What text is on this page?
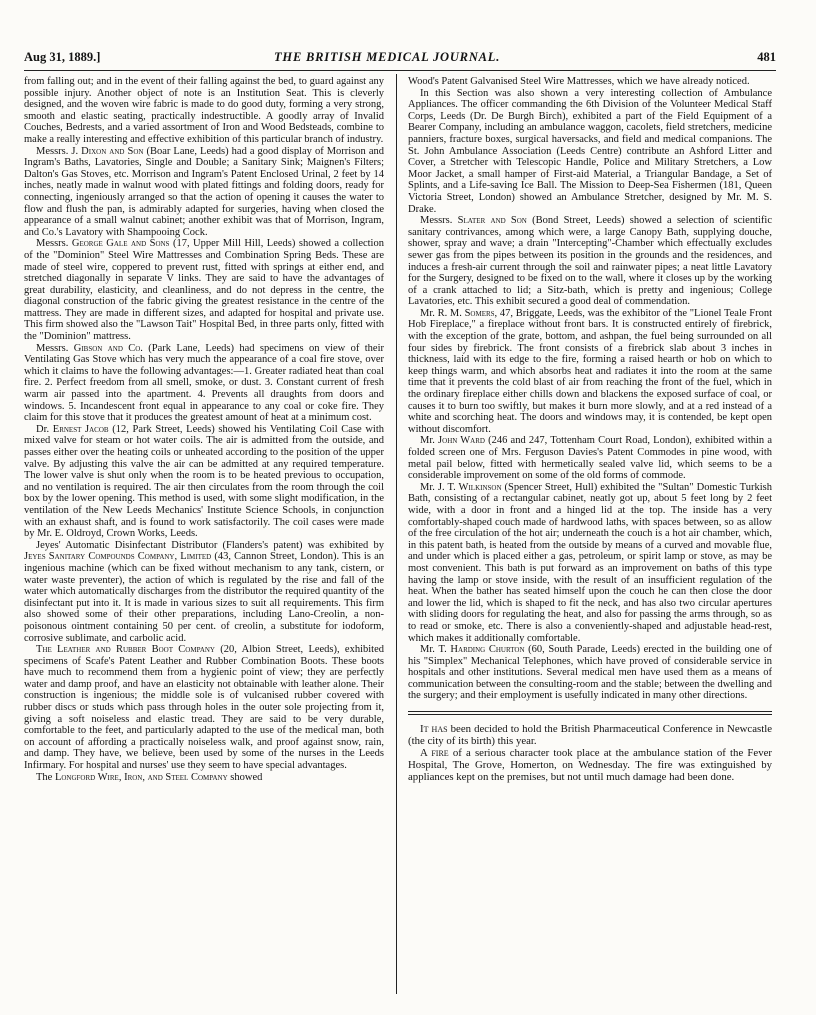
Aug 31, 1889.]	THE BRITISH MEDICAL JOURNAL.	481

from falling out; and in the event of their falling against the bed, to guard against any possible injury. Another object of note is an Institution Seat. This is cleverly designed, and the woven wire fabric is made to do good duty, forming a very strong, smooth and elastic seating, practically indestructible. A goodly array of Invalid Couches, Bedrests, and a varied assortment of Iron and Wood Bedsteads, combine to make a really interesting and effective exhibition of this particular branch of industry.

Messrs. J. Dixon and Son (Boar Lane, Leeds) had a good display of Morrison and Ingram's Baths, Lavatories, Single and Double; a Sanitary Sink; Maignen's Filters; Dalton's Gas Stoves, etc. Morrison and Ingram's Patent Enclosed Urinal, 2 feet by 14 inches, neatly made in walnut wood with plated fittings and folding doors, ready for connecting, ingeniously arranged so that the action of opening it causes the water to flow and flush the pan, is admirably adapted for surgeries, having when closed the appearance of a small walnut cabinet; another exhibit was that of Morrison, Ingram, and Co.'s Lavatory with Shampooing Cock.

Messrs. George Gale and Sons (17, Upper Mill Hill, Leeds) showed a collection of the "Dominion" Steel Wire Mattresses and Combination Spring Beds. These are made of steel wire, coppered to prevent rust, fitted with springs at either end, and stretched diagonally in separate V links. They are said to have the advantages of great durability, elasticity, and cleanliness, and do not depress in the centre, the diagonal construction of the fabric giving the greatest resistance in the centre of the mattress. They are made in different sizes, and adapted for hospital and private use. This firm showed also the "Lawson Tait" Hospital Bed, in three parts only, fitted with the "Dominion" mattress.

Messrs. Gibson and Co. (Park Lane, Leeds) had specimens on view of their Ventilating Gas Stove which has very much the appearance of a coal fire stove, over which it claims to have the following advantages:—1. Greater radiated heat than coal fire. 2. Perfect freedom from all smell, smoke, or dust. 3. Constant current of fresh warm air passed into the apartment. 4. Prevents all draughts from doors and windows. 5. Incandescent front equal in appearance to any coal or coke fire. They claim for this stove that it produces the greatest amount of heat at a minimum cost.

Dr. Ernest Jacob (12, Park Street, Leeds) showed his Ventilating Coil Case with mixed valve for steam or hot water coils. The air is admitted from the outside, and passes either over the heating coils or unheated according to the position of the upper valve. By adjusting this valve the air can be admitted at any required temperature. The lower valve is shut only when the room is to be heated previous to occupation, and no ventilation is required. The air then circulates from the room through the coil box by the lower opening. This method is used, with some slight modification, in the ventilation of the New Leeds Mechanics' Institute Science Schools, in conjunction with an exhaust shaft, and is found to work satisfactorily. The coil cases were made by Mr. E. Oldroyd, Crown Works, Leeds.

Jeyes' Automatic Disinfectant Distributor (Flanders's patent) was exhibited by Jeyes Sanitary Compounds Company, Limited (43, Cannon Street, London). This is an ingenious machine (which can be fixed without mechanism to any tank, cistern, or water waste preventer), the action of which is regulated by the rise and fall of the water which automatically discharges from the distributor the required quantity of the disinfectant put into it. It is made in various sizes to suit all requirements. This firm also showed some of their other preparations, including Lano-Creolin, a non-poisonous ointment containing 50 per cent. of creolin, a substitute for iodoform, corrosive sublimate, and carbolic acid.

The Leather and Rubber Boot Company (20, Albion Street, Leeds), exhibited specimens of Scafe's Patent Leather and Rubber Combination Boots. These boots have much to recommend them from a hygienic point of view; they are perfectly water and damp proof, and have an elasticity not obtainable with leather alone. Their construction is ingenious; the middle sole is of vulcanised rubber covered with rubber discs or studs which pass through holes in the outer sole projecting from it, giving a soft noiseless and elastic tread. They are said to be very durable, comfortable to the feet, and particularly adapted to the use of the medical man, both on account of affording a practically noiseless walk, and proof against snow, rain, and damp. They have, we believe, been used by some of the nurses in the Leeds Infirmary. For hospital and nurses' use they seem to have special advantages.

The Longford Wire, Iron, and Steel Company showed

Wood's Patent Galvanised Steel Wire Mattresses, which we have already noticed.

In this Section was also shown a very interesting collection of Ambulance Appliances. The officer commanding the 6th Division of the Volunteer Medical Staff Corps, Leeds (Dr. De Burgh Birch), exhibited a part of the Field Equipment of a Bearer Company, including an ambulance waggon, cacolets, field stretchers, medicine panniers, fracture boxes, surgical haversacks, and field and medical companions. The St. John Ambulance Association (Leeds Centre) contribute an Ashford Litter and Cover, a Stretcher with Telescopic Handle, Police and Military Stretchers, a Low Moor Jacket, a small hamper of First-aid Material, a Triangular Bandage, a Set of Splints, and a Life-saving Ice Ball. The Mission to Deep-Sea Fishermen (181, Queen Victoria Street, London) showed an Ambulance Stretcher, designed by Mr. M. S. Drake.

Messrs. Slater and Son (Bond Street, Leeds) showed a selection of scientific sanitary contrivances, among which were, a large Canopy Bath, supplying douche, shower, spray and wave; a drain "Intercepting"-Chamber which effectually excludes sewer gas from the pipes between its position in the grounds and the residences, and induces a fresh-air current through the soil and rainwater pipes; a neat little Lavatory for the Surgery, designed to be fixed on to the wall, where it closes up by the working of a crank attached to lid; a Sitz-bath, which is pretty and ingenious; College Lavatories, etc. This exhibit secured a good deal of commendation.

Mr. R. M. Somers, 47, Briggate, Leeds, was the exhibitor of the "Lionel Teale Front Hob Fireplace," a fireplace without front bars. It is constructed entirely of firebrick, with the exception of the grate, bottom, and ashpan, the fuel being surrounded on all four sides by firebrick. The front consists of a firebrick slab about 3 inches in thickness, laid with its edge to the fire, forming a raised hearth or hob on which to keep things warm, and which absorbs heat and radiates it into the room at the same time that it prevents the cold blast of air from reaching the front of the fuel, which in the ordinary fireplace either chills down and blackens the exposed surface of coal, or causes it to burn too swiftly, but makes it burn more slowly, and at a red instead of a white and scorching heat. The doors and windows may, it is contended, be kept open without discomfort.

Mr. John Ward (246 and 247, Tottenham Court Road, London), exhibited within a folded screen one of Mrs. Ferguson Davies's Patent Commodes in pine wood, with metal pail below, fitted with hermetically sealed valve lid, which seems to be a considerable improvement on some of the old forms of commode.

Mr. J. T. Wilkinson (Spencer Street, Hull) exhibited the "Sultan" Domestic Turkish Bath, consisting of a rectangular cabinet, neatly got up, about 5 feet long by 2 feet wide, with a door in front and a hinged lid at the top. The inside has a very comfortably-shaped couch made of hardwood laths, with spaces between, so as allow of the free circulation of the hot air; underneath the couch is a hot air chamber, which, in this patent bath, is heated from the outside by means of a curved and movable flue, and under which is placed either a gas, petroleum, or spirit lamp or stove, as may be most convenient. This bath is put forward as an improvement on baths of this type having the lamp or stove inside, with the result of an insufficient regulation of the heat. When the bather has seated himself upon the couch he can then close the door and lower the lid, which is shaped to fit the neck, and has also two circular apertures with sliding doors for regulating the heat, and also for passing the arms through, so as to read or smoke, etc. There is also a conveniently-shaped and adjustable head-rest, which makes it additionally comfortable.

Mr. T. Harding Churton (60, South Parade, Leeds) erected in the building one of his "Simplex" Mechanical Telephones, which have proved of considerable service in hospitals and other institutions. Several medical men have used them as a means of communication between the consulting-room and the stable; between the dwelling and the surgery; and their employment is usefully indicated in many other directions.

It has been decided to hold the British Pharmaceutical Conference in Newcastle (the city of its birth) this year.

A fire of a serious character took place at the ambulance station of the Fever Hospital, The Grove, Homerton, on Wednesday. The fire was extinguished by appliances kept on the premises, but not until much damage had been done.
